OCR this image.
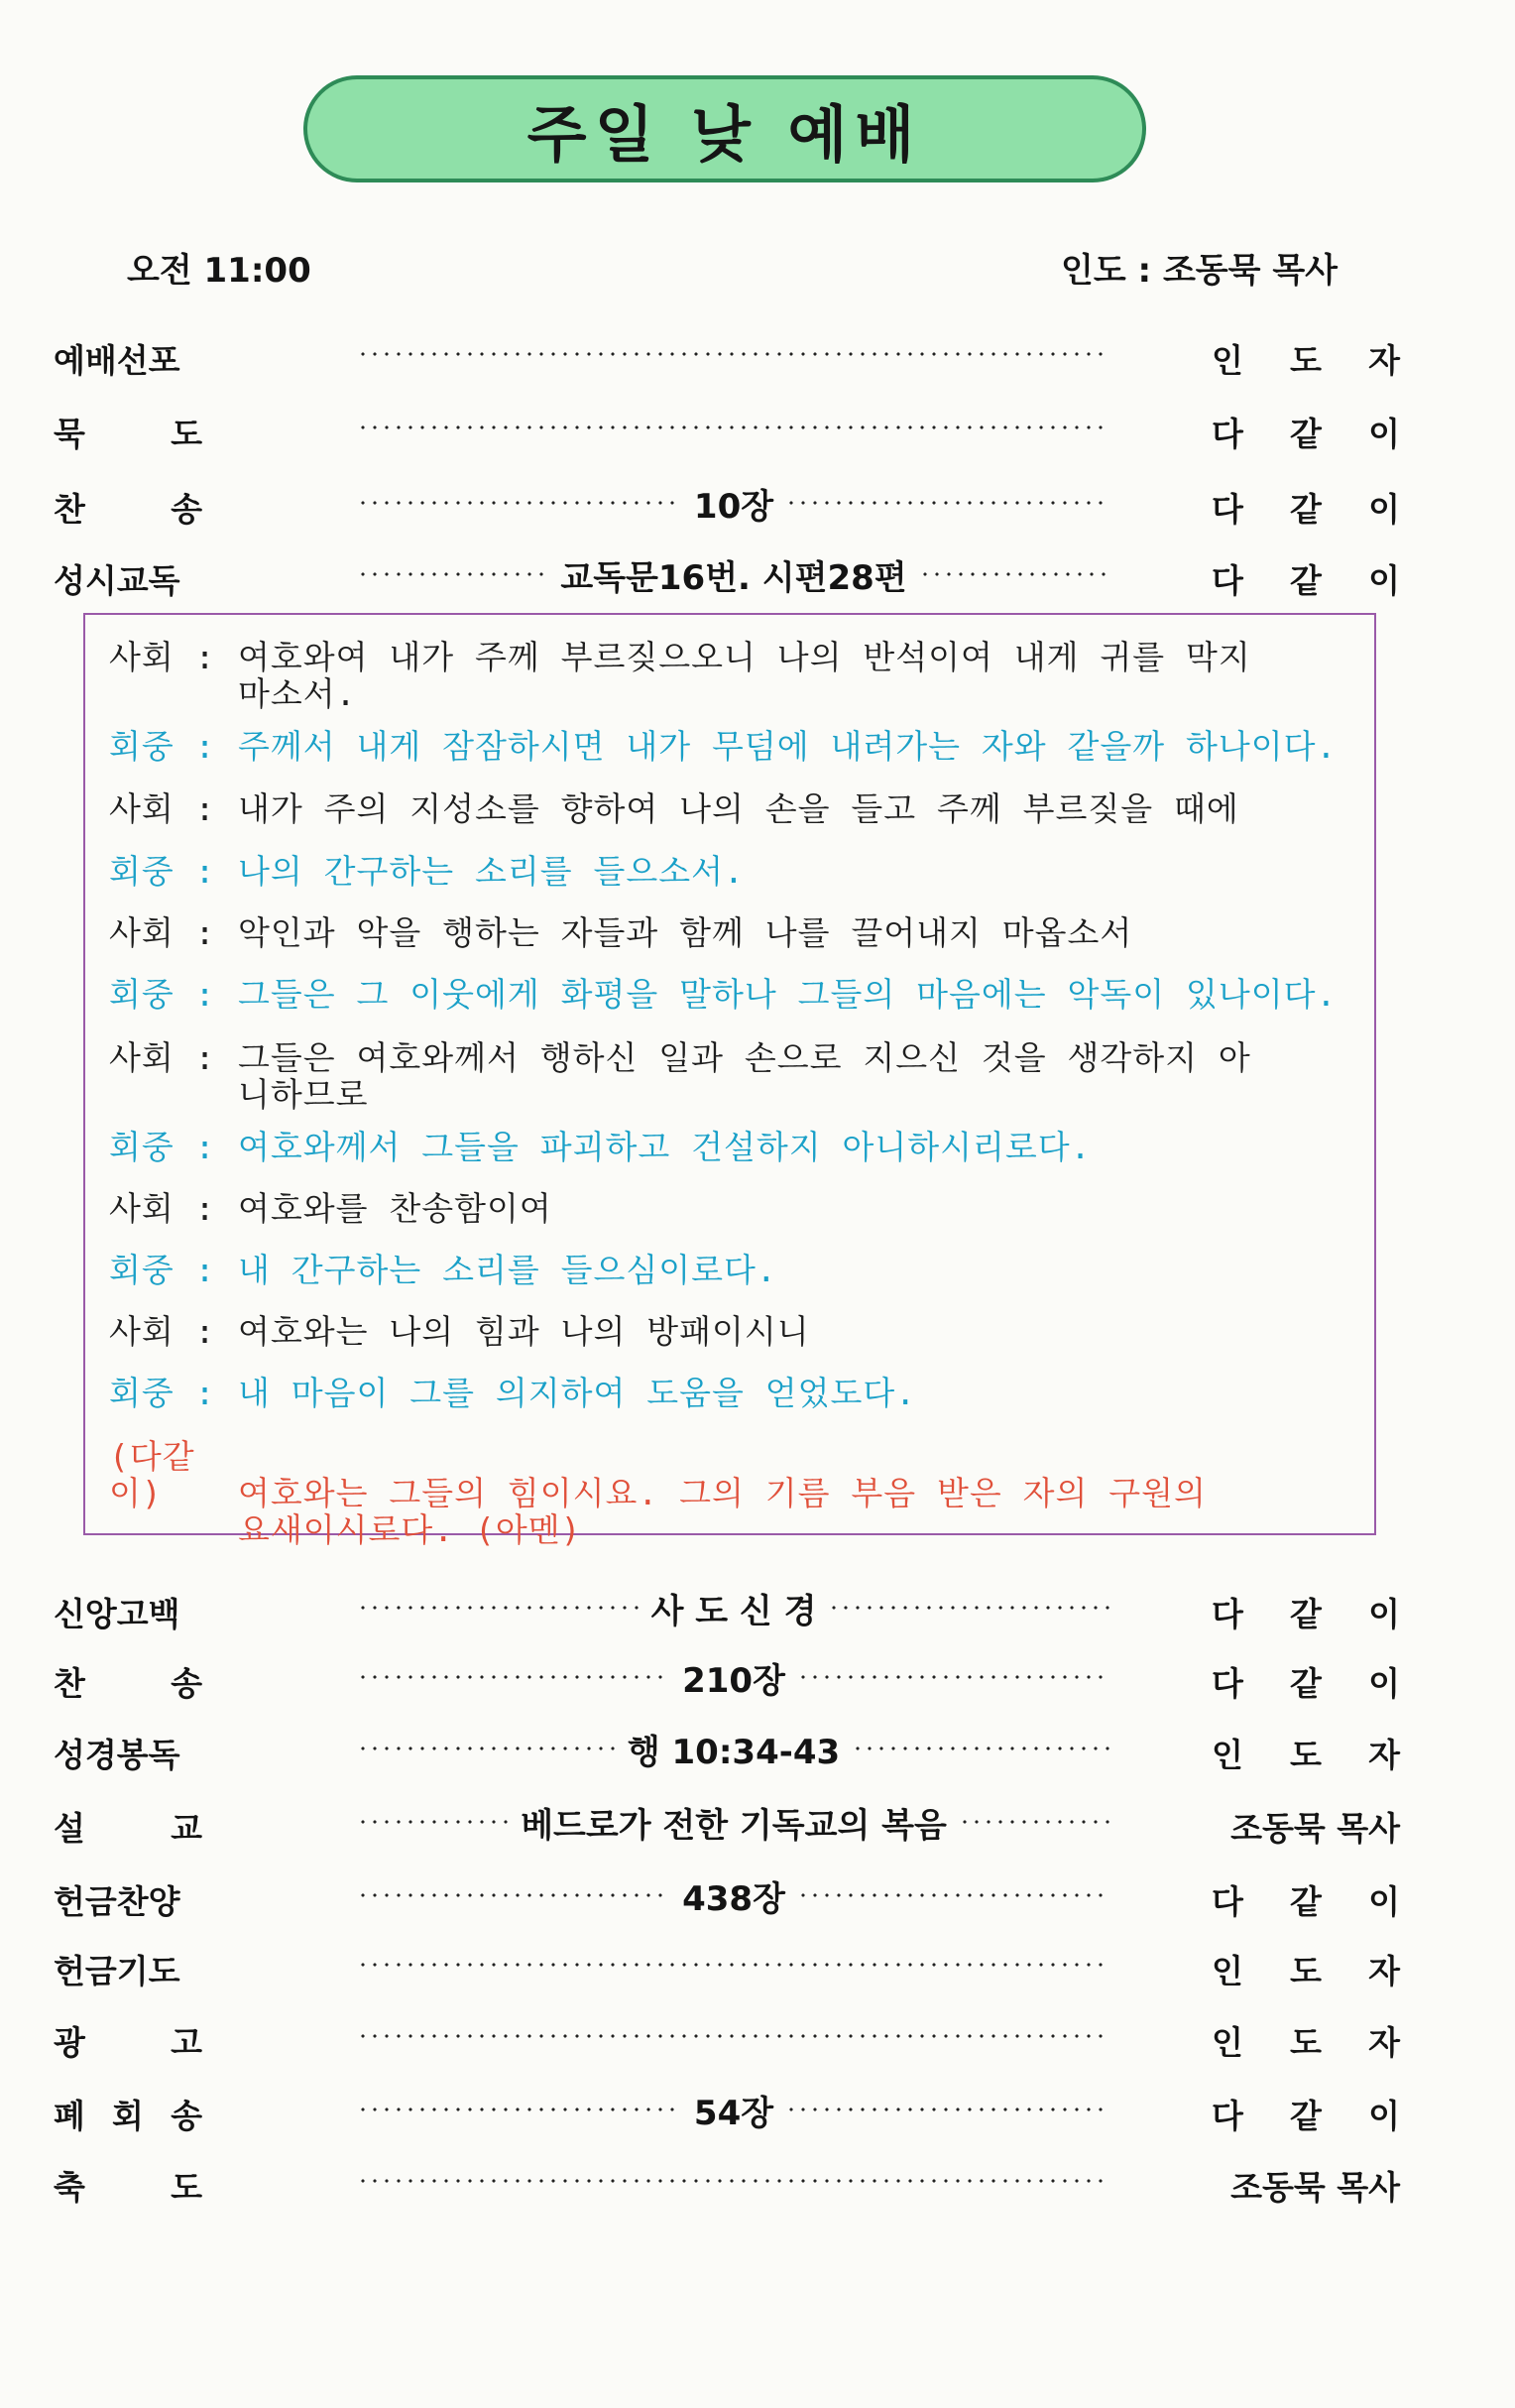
주일 낮 예배
오전 11:00	인도 : 조동묵 목사
예배선포	인 도 자
묵	도	다 같 이
찬	송	10장	다 같 이
성시교독	교독문16번. 시편28편	다 같 이
사회 : 여호와여 내가 주께 부르짖으오니 나의 반석이여 내게 귀를 막지
마소서.
회중 : 주께서 내게 잠잠하시면 내가 무덤에 내려가는 자와 같을까 하나이다.
사회 : 내가 주의 지성소를 향하여 나의 손을 들고 주께 부르짖을 때에
회중 : 나의 간구하는 소리를 들으소서.
사회 : 악인과 악을 행하는 자들과 함께 나를 끌어내지 마옵소서
회중 : 그들은 그 이웃에게 화평을 말하나 그들의 마음에는 악독이 있나이다.
사회 : 그들은 여호와께서 행하신 일과 손으로 지으신 것을 생각하지 아
니하므로
회중 : 여호와께서 그들을 파괴하고 건설하지 아니하시리로다.
사회 : 여호와를 찬송함이여
회중 : 내 간구하는 소리를 들으심이로다.
사회 : 여호와는 나의 힘과 나의 방패이시니
회중 : 내 마음이 그를 의지하여 도움을 얻었도다.
(다같이) 여호와는 그들의 힘이시요. 그의 기름 부음 받은 자의 구원의
요새이시로다. (아멘)
신앙고백	사 도 신 경	다 같 이
찬	송	210장	다 같 이
성경봉독	행 10:34-43	인 도 자
설	교	베드로가 전한 기독교의 복음	조동묵 목사
헌금찬양	438장	다 같 이
헌금기도	인 도 자
광	고	인 도 자
폐 회 송	54장	다 같 이
축	도	조동묵 목사
